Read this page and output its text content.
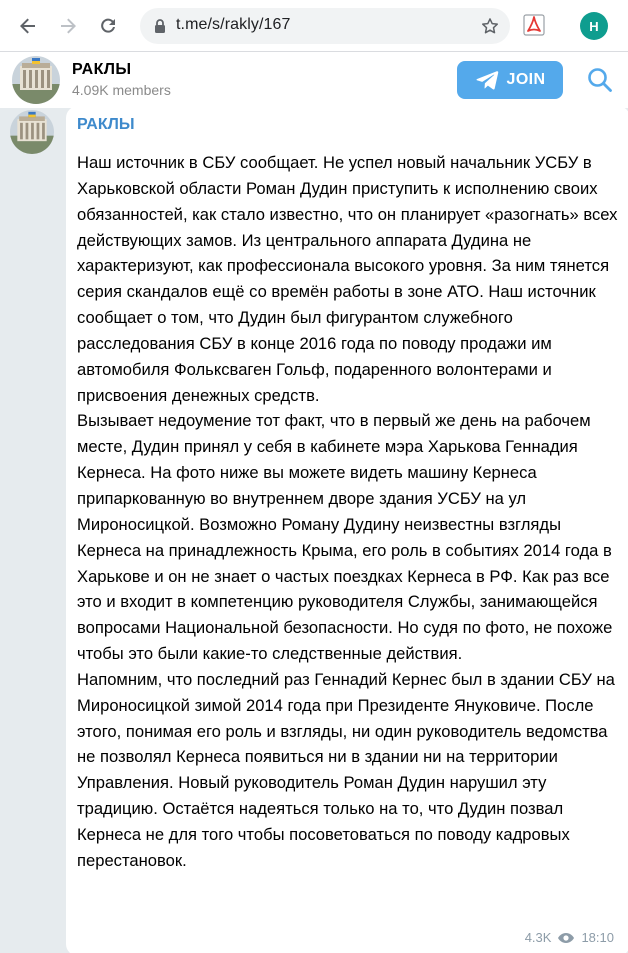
t.me/s/rakly/167	H
РАКЛЫ
4.09K members
JOIN
РАКЛЫ

Наш источник в СБУ сообщает. Не успел новый начальник УСБУ в Харьковской области Роман Дудин приступить к исполнению своих обязанностей, как стало известно, что он планирует «разогнать» всех действующих замов. Из центрального аппарата Дудина не характеризуют, как профессионала высокого уровня. За ним тянется серия скандалов ещё со времён работы в зоне АТО. Наш источник сообщает о том, что Дудин был фигурантом служебного расследования СБУ в конце 2016 года по поводу продажи им автомобиля Фольксваген Гольф, подаренного волонтерами и присвоения денежных средств.

Вызывает недоумение тот факт, что в первый же день на рабочем месте, Дудин принял у себя в кабинете мэра Харькова Геннадия Кернеса. На фото ниже вы можете видеть машину Кернеса припаркованную во внутреннем дворе здания УСБУ на ул Мироносицкой. Возможно Роману Дудину неизвестны взгляды Кернеса на принадлежность Крыма, его роль в событиях 2014 года в Харькове и он не знает о частых поездках Кернеса в РФ. Как раз все это и входит в компетенцию руководителя Службы, занимающейся вопросами Национальной безопасности. Но судя по фото, не похоже чтобы это были какие-то следственные действия.

Напомним, что последний раз Геннадий Кернес был в здании СБУ на Мироносицкой зимой 2014 года при Президенте Януковиче. После этого, понимая его роль и взгляды, ни один руководитель ведомства не позволял Кернеса появиться ни в здании ни на территории Управления. Новый руководитель Роман Дудин нарушил эту традицию. Остаётся надеяться только на то, что Дудин позвал Кернеса не для того чтобы посоветоваться по поводу кадровых перестановок.

4.3K 18:10
